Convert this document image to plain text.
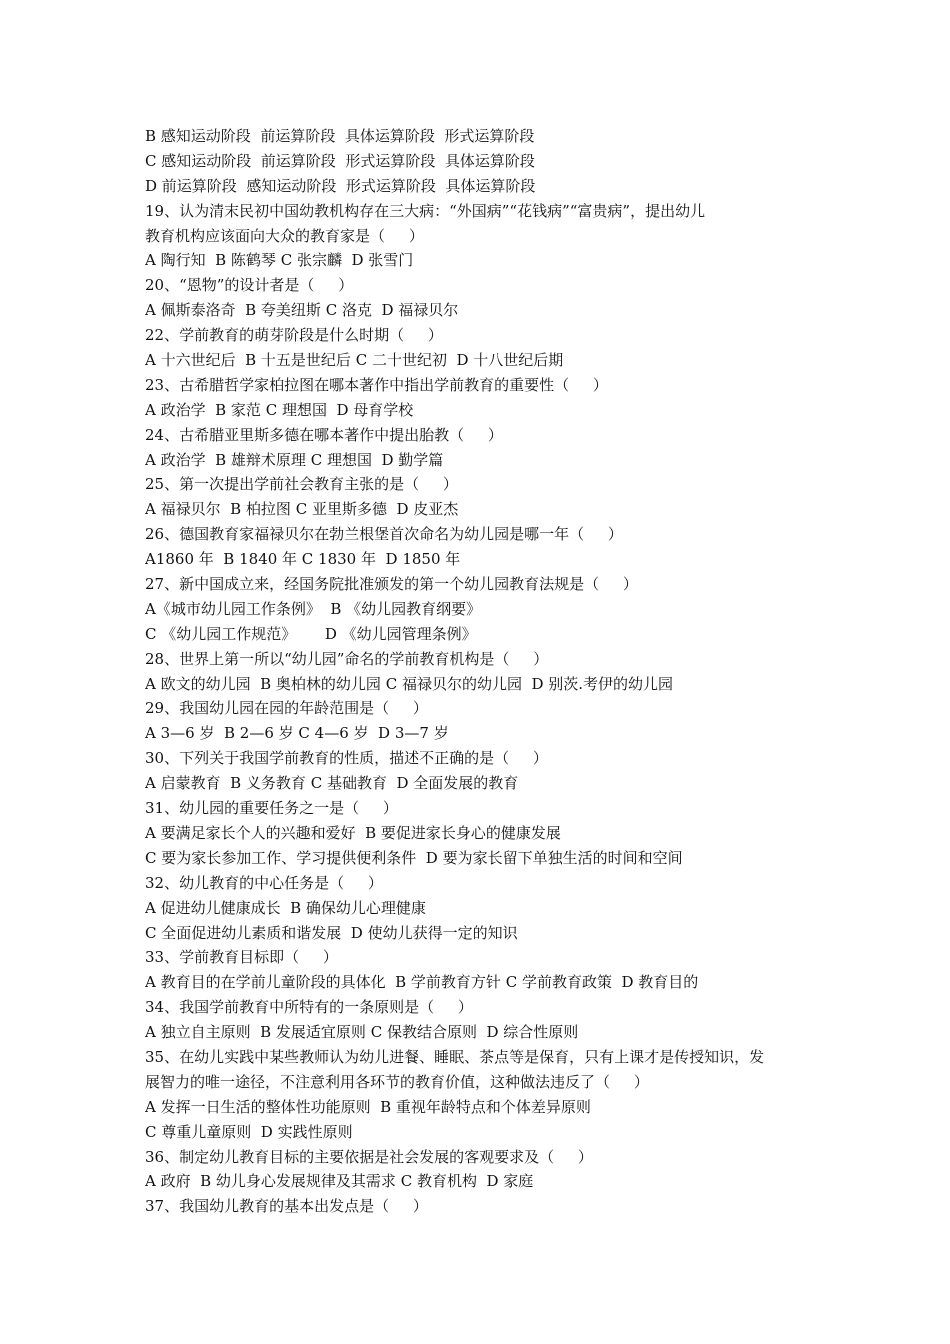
B 感知运动阶段  前运算阶段  具体运算阶段  形式运算阶段
C 感知运动阶段  前运算阶段  形式运算阶段  具体运算阶段
D 前运算阶段  感知运动阶段  形式运算阶段  具体运算阶段
19、认为清末民初中国幼教机构存在三大病：“外国病”“花钱病”“富贵病”，提出幼儿
教育机构应该面向大众的教育家是（     ）
A 陶行知  B 陈鹤琴 C 张宗麟  D 张雪门
20、“恩物”的设计者是（     ）
A 佩斯泰洛奇  B 夸美纽斯 C 洛克  D 福禄贝尔
22、学前教育的萌芽阶段是什么时期（     ）
A 十六世纪后  B 十五是世纪后 C 二十世纪初  D 十八世纪后期
23、古希腊哲学家柏拉图在哪本著作中指出学前教育的重要性（     ）
A 政治学  B 家范 C 理想国  D 母育学校
24、古希腊亚里斯多德在哪本著作中提出胎教（     ）
A 政治学  B 雄辩术原理 C 理想国  D 勤学篇
25、第一次提出学前社会教育主张的是（     ）
A 福禄贝尔  B 柏拉图 C 亚里斯多德  D 皮亚杰
26、德国教育家福禄贝尔在勃兰根堡首次命名为幼儿园是哪一年（     ）
A1860 年  B 1840 年 C 1830 年  D 1850 年
27、新中国成立来，经国务院批准颁发的第一个幼儿园教育法规是（     ）
A《城市幼儿园工作条例》  B 《幼儿园教育纲要》
C 《幼儿园工作规范》      D 《幼儿园管理条例》
28、世界上第一所以“幼儿园”命名的学前教育机构是（     ）
A 欧文的幼儿园  B 奥柏林的幼儿园 C 福禄贝尔的幼儿园  D 别茨.考伊的幼儿园
29、我国幼儿园在园的年龄范围是（     ）
A 3—6 岁  B 2—6 岁 C 4—6 岁  D 3—7 岁
30、下列关于我国学前教育的性质，描述不正确的是（     ）
A 启蒙教育  B 义务教育 C 基础教育  D 全面发展的教育
31、幼儿园的重要任务之一是（     ）
A 要满足家长个人的兴趣和爱好  B 要促进家长身心的健康发展
C 要为家长参加工作、学习提供便利条件  D 要为家长留下单独生活的时间和空间
32、幼儿教育的中心任务是（     ）
A 促进幼儿健康成长  B 确保幼儿心理健康
C 全面促进幼儿素质和谐发展  D 使幼儿获得一定的知识
33、学前教育目标即（     ）
A 教育目的在学前儿童阶段的具体化  B 学前教育方针 C 学前教育政策  D 教育目的
34、我国学前教育中所特有的一条原则是（     ）
A 独立自主原则  B 发展适宜原则 C 保教结合原则  D 综合性原则
35、在幼儿实践中某些教师认为幼儿进餐、睡眠、茶点等是保育，只有上课才是传授知识，发
展智力的唯一途径，不注意利用各环节的教育价值，这种做法违反了（     ）
A 发挥一日生活的整体性功能原则  B 重视年龄特点和个体差异原则
C 尊重儿童原则  D 实践性原则
36、制定幼儿教育目标的主要依据是社会发展的客观要求及（     ）
A 政府  B 幼儿身心发展规律及其需求 C 教育机构  D 家庭
37、我国幼儿教育的基本出发点是（     ）
